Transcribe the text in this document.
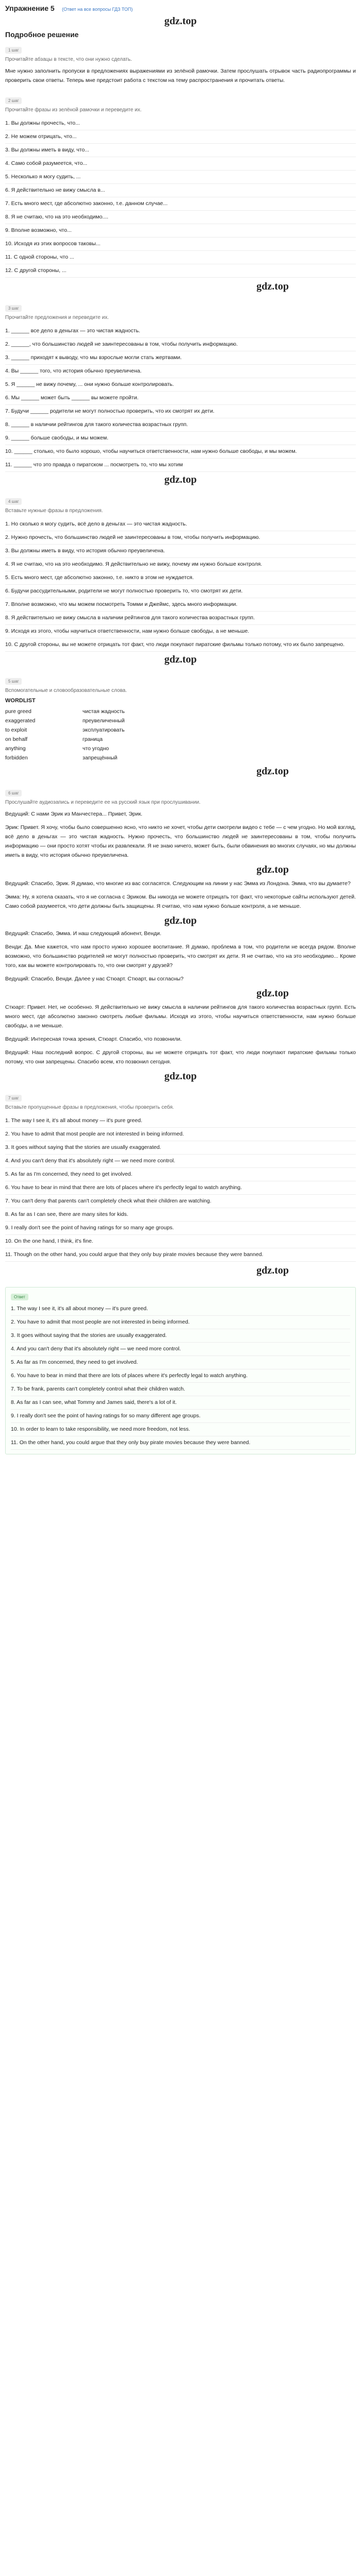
Упражнение 5 (Ответ на все вопросы ГДЗ ТОП)
gdz.top
Подробное решение
1 шаг
Прочитайте абзацы в тексте, что они нужно сделать.
Мне нужно заполнить пропуски в предложениях выражениями из зелёной рамочки. Затем прослушать отрывок часть радиопрограммы и проверить свои ответы. Теперь мне предстоит работа с текстом на тему распространения и прочитать ответы.
2 шаг
Прочитайте фразы из зелёной рамочки и переведите их.
1. Вы должны прочесть, что...
2. Не можем отрицать, что...
3. Вы должны иметь в виду, что...
4. Само собой разумеется, что...
5. Несколько я могу судить, ...
6. Я действительно не вижу смысла в...
7. Есть много мест, где абсолютно законно, т.е. данном случае...
8. Я не считаю, что на это необходимо....
9. Вполне возможно, что...
10. Исходя из этих вопросов таковы...
11. С одной стороны, что ...
12. С другой стороны, ...
gdz.top
3 шаг
Прочитайте предложения и переведите их.
1. ______ все дело в деньгах — это чистая жадность.
2. ______, что большинство людей не заинтересованы в том, чтобы получить информацию.
3. ______ приходят к выводу, что мы взрослые могли стать жертвами.
4. Вы ______ того, что история обычно преувеличена.
5. Я ______ не вижу почему, ... они нужно больше контролировать.
6. Мы ______ может быть ______ вы можете пройти.
7. Будучи ______ родители не могут полностью проверить, что их смотрят их дети.
8. ______ в наличии рейтингов для такого количества возрастных групп.
9. ______ больше свободы, и мы можем.
10. ______ столько, что было хорошо, чтобы научиться ответственности, нам нужно больше свободы, и мы можем.
11. ______ что это правда о пиратском ... посмотреть то, что мы хотим
gdz.top
4 шаг
Вставьте нужные фразы в предложения.
1. Но сколько я могу судить, всё дело в деньгах — это чистая жадность.
2. Нужно прочесть, что большинство людей не заинтересованы в том, чтобы получить информацию.
3. Вы должны иметь в виду, что история обычно преувеличена.
4. Я не считаю, что на это необходимо. Я действительно не вижу, почему им нужно больше контроля.
5. Есть много мест, где абсолютно законно, т.е. никто в этом не нуждается.
6. Будучи рассудительными, родители не могут полностью проверить то, что смотрят их дети.
7. Вполне возможно, что мы можем посмотреть Томми и Джеймс, здесь много информации.
8. Я действительно не вижу смысла в наличии рейтингов для такого количества возрастных групп.
9. Исходя из этого, чтобы научиться ответственности, нам нужно больше свободы, а не меньше.
10. С другой стороны, вы не можете отрицать тот факт, что люди покупают пиратские фильмы только потому, что их было запрещено.
gdz.top
5 шаг
Вспомогательные и словообразовательные слова.
WORDLIST
pure greed	чистая жадность
exaggerated	преувеличенный
to exploit	эксплуатировать
on behalf	граница
anything	что угодно
forbidden	запрещённый
gdz.top
6 шаг
Прослушайте аудиозапись и переведите ее на русский язык при прослушивании.
Ведущий: С нами Эрик из Манчестера... Привет, Эрик.
Эрик: Привет. Я хочу, чтобы было совершенно ясно, что никто не хочет, чтобы дети смотрели видео с тебе — с чем угодно. Но мой взгляд, всё дело в деньгах — это чистая жадность. Нужно прочесть, что большинство людей не заинтересованы в том, чтобы получить информацию — они просто хотят чтобы их развлекали. Я не знаю ничего, может быть, были обвинения во многих случаях, но мы должны иметь в виду, что история обычно преувеличена.
gdz.top
Ведущий: Спасибо, Эрик. Я думаю, что многие из вас согласятся. Следующим на линии у нас Эмма из Лондона. Эмма, что вы думаете?
Эмма: Ну, я хотела сказать, что я не согласна с Эриком. Вы никогда не можете отрицать тот факт, что некоторые сайты используют детей. Само собой разумеется, что дети должны быть защищены. Я считаю, что нам нужно больше контроля, а не меньше.
gdz.top
Ведущий: Спасибо, Эмма. И наш следующий абонент, Венди.
Венди: Да. Мне кажется, что нам просто нужно хорошее воспитание. Я думаю, проблема в том, что родители не всегда рядом. Вполне возможно, что большинство родителей не могут полностью проверить, что смотрят их дети. Я не считаю, что на это необходимо... Кроме того, как вы можете контролировать то, что они смотрят у друзей?
Ведущий: Спасибо, Венди. Далее у нас Стюарт. Стюарт, вы согласны?
gdz.top
Стюарт: Привет. Нет, не особенно. Я действительно не вижу смысла в наличии рейтингов для такого количества возрастных групп. Есть много мест, где абсолютно законно смотреть любые фильмы. Исходя из этого, чтобы научиться ответственности, нам нужно больше свободы, а не меньше.
Ведущий: Интересная точка зрения, Стюарт. Спасибо, что позвонили.
Ведущий: Наш последний вопрос. С другой стороны, вы не можете отрицать тот факт, что люди покупают пиратские фильмы только потому, что они запрещены. Спасибо всем, кто позвонил сегодня.
gdz.top
7 шаг
Вставьте пропущенные фразы в предложения, чтобы проверить себя.
1. The way I see it, it's all about money — it's pure greed.
2. You have to admit that most people are not interested in being informed.
3. It goes without saying that the stories are usually exaggerated.
4. And you can't deny that it's absolutely right — we need more control.
5. As far as I'm concerned, they need to get involved.
6. You have to bear in mind that there are lots of places where it's perfectly legal to watch anything.
7. You can't deny that parents can't completely check what their children are watching.
8. As far as I can see, there are many sites for kids.
9. I really don't see the point of having ratings for so many age groups.
10. On the one hand, I think, it's fine.
11. Though on the other hand, you could argue that they only buy pirate movies because they were banned.
gdz.top
Ответ
1. The way I see it, it's all about money — it's pure greed.
2. You have to admit that most people are not interested in being informed.
3. It goes without saying that the stories are usually exaggerated.
4. And you can't deny that it's absolutely right — we need more control.
5. As far as I'm concerned, they need to get involved.
6. You have to bear in mind that there are lots of places where it's perfectly legal to watch anything.
7. To be frank, parents can't completely control what their children watch.
8. As far as I can see, what Tommy and James said, there's a lot of it.
9. I really don't see the point of having ratings for so many different age groups.
10. In order to learn to take responsibility, we need more freedom, not less.
11. On the other hand, you could argue that they only buy pirate movies because they were banned.
